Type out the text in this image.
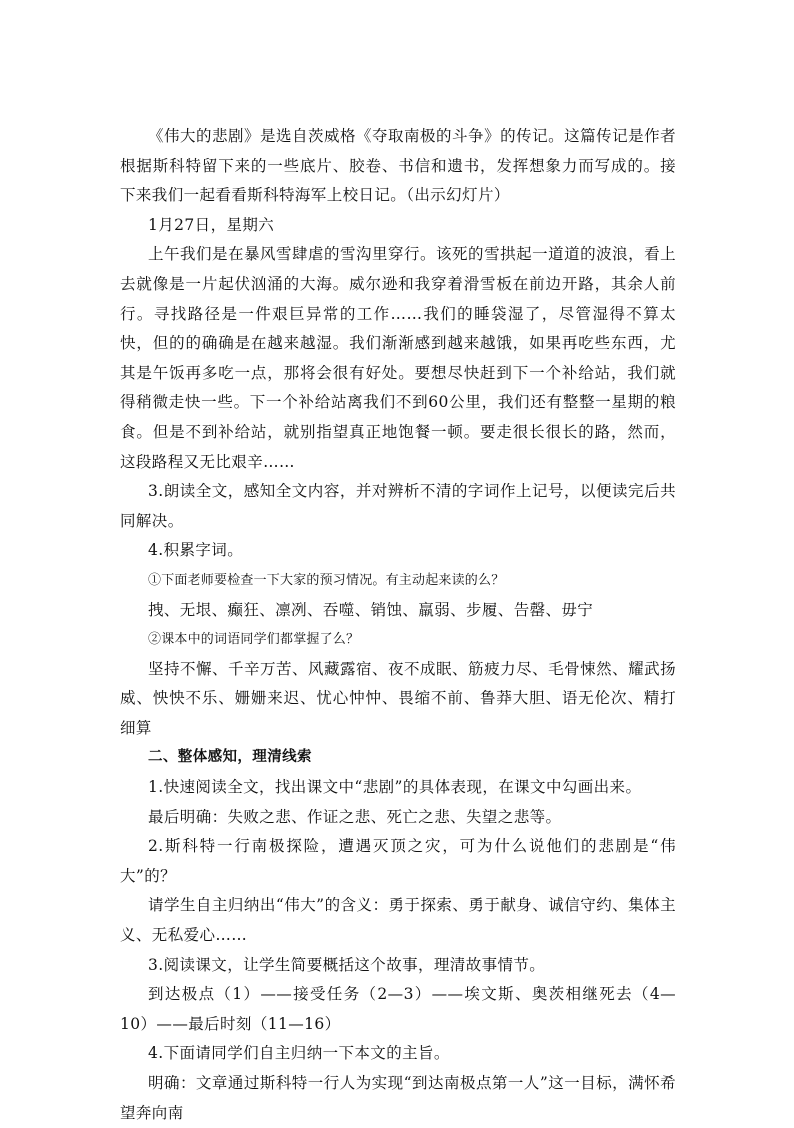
《伟大的悲剧》是选自茨威格《夺取南极的斗争》的传记。这篇传记是作者根据斯科特留下来的一些底片、胶卷、书信和遗书，发挥想象力而写成的。接下来我们一起看看斯科特海军上校日记。（出示幻灯片）

1月27日，星期六

上午我们是在暴风雪肆虐的雪沟里穿行。该死的雪拱起一道道的波浪，看上去就像是一片起伏汹涌的大海。威尔逊和我穿着滑雪板在前边开路，其余人前行。寻找路径是一件艰巨异常的工作……我们的睡袋湿了，尽管湿得不算太快，但的的确确是在越来越湿。我们渐渐感到越来越饿，如果再吃些东西，尤其是午饭再多吃一点，那将会很有好处。要想尽快赶到下一个补给站，我们就得稍微走快一些。下一个补给站离我们不到60公里，我们还有整整一星期的粮食。但是不到补给站，就别指望真正地饱餐一顿。要走很长很长的路，然而，这段路程又无比艰辛……

3.朗读全文，感知全文内容，并对辨析不清的字词作上记号，以便读完后共同解决。

4.积累字词。

①下面老师要检查一下大家的预习情况。有主动起来读的么？

拽、无垠、癫狂、凛冽、吞噬、销蚀、羸弱、步履、告罄、毋宁

②课本中的词语同学们都掌握了么？

坚持不懈、千辛万苦、风藏露宿、夜不成眠、筋疲力尽、毛骨悚然、耀武扬威、怏怏不乐、姗姗来迟、忧心忡忡、畏缩不前、鲁莽大胆、语无伦次、精打细算

二、整体感知，理清线索

1.快速阅读全文，找出课文中“悲剧”的具体表现，在课文中勾画出来。

最后明确：失败之悲、作证之悲、死亡之悲、失望之悲等。

2.斯科特一行南极探险，遭遇灭顶之灾，可为什么说他们的悲剧是“伟大”的？

请学生自主归纳出“伟大”的含义：勇于探索、勇于献身、诚信守约、集体主义、无私爱心……

3.阅读课文，让学生简要概括这个故事，理清故事情节。

到达极点（1）——接受任务（2—3）——埃文斯、奥茨相继死去（4—10）——最后时刻（11—16）

4.下面请同学们自主归纳一下本文的主旨。

明确：文章通过斯科特一行人为实现“到达南极点第一人”这一目标，满怀希望奔向南
